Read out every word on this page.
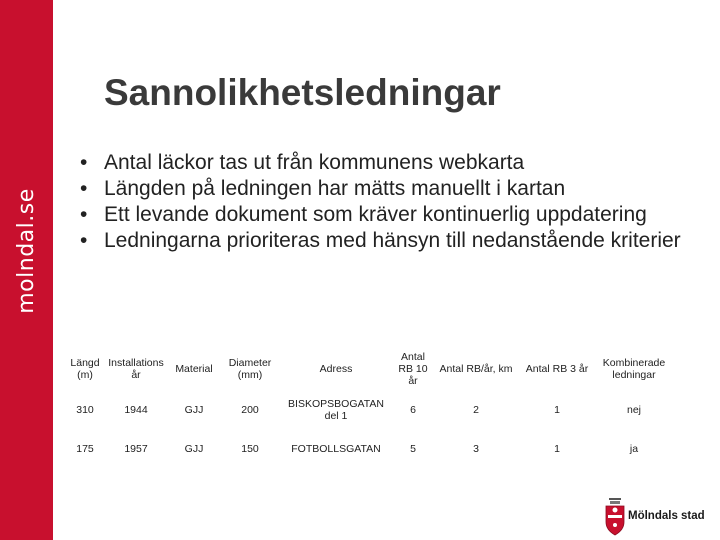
molndal.se
Sannolikhetsledningar
• Antal läckor tas ut från kommunens webkarta
• Längden på ledningen har mätts manuellt i kartan
• Ett levande dokument som kräver kontinuerlig uppdatering
• Ledningarna prioriteras med hänsyn till nedanstående kriterier
Längd (m)	Installations år	Material	Diameter (mm)	Adress	Antal RB 10 år	Antal RB/år, km	Antal RB 3 år	Kombinerade ledningar
310	1944	GJJ	200	BISKOPSBOGATAN del 1	6	2	1	nej
175	1957	GJJ	150	FOTBOLLSGATAN	5	3	1	ja
Mölndals stad
